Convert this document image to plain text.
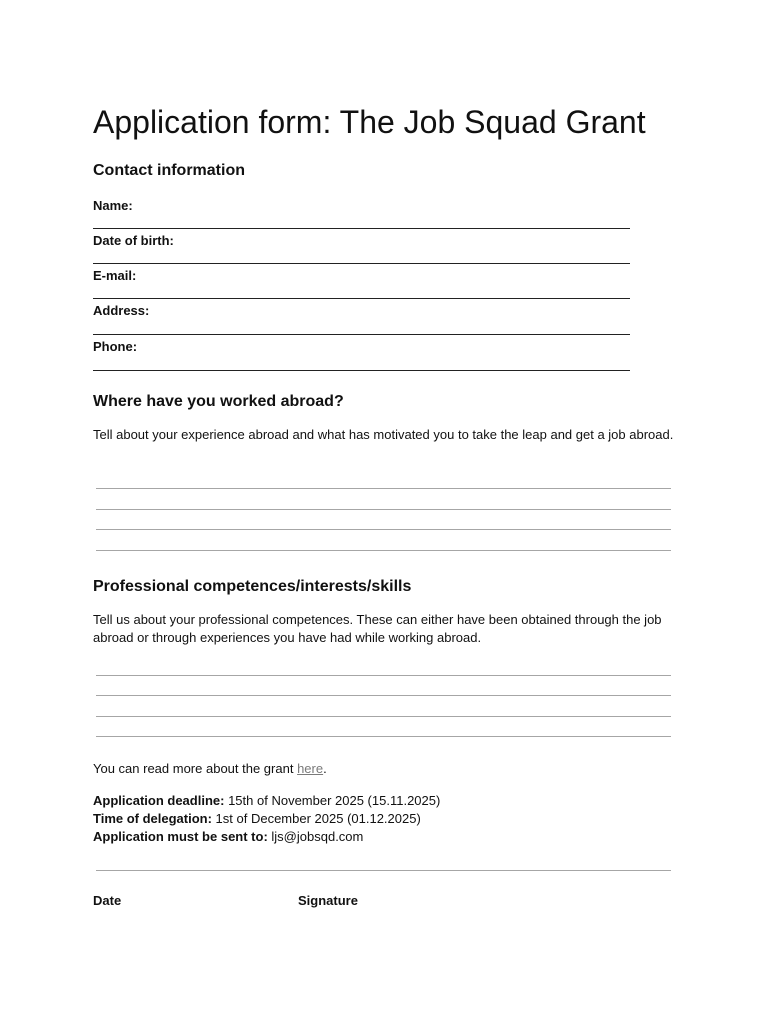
Application form: The Job Squad Grant
Contact information
Name:
Date of birth:
E-mail:
Address:
Phone:
Where have you worked abroad?

Tell about your experience abroad and what has motivated you to take the leap and get a job abroad.

Professional competences/interests/skills

Tell us about your professional competences. These can either have been obtained through the job abroad or through experiences you have had while working abroad.

You can read more about the grant here.
Application deadline: 15th of November 2025 (15.11.2025)
Time of delegation: 1st of December 2025 (01.12.2025)
Application must be sent to: ljs@jobsqd.com
Date	Signature
